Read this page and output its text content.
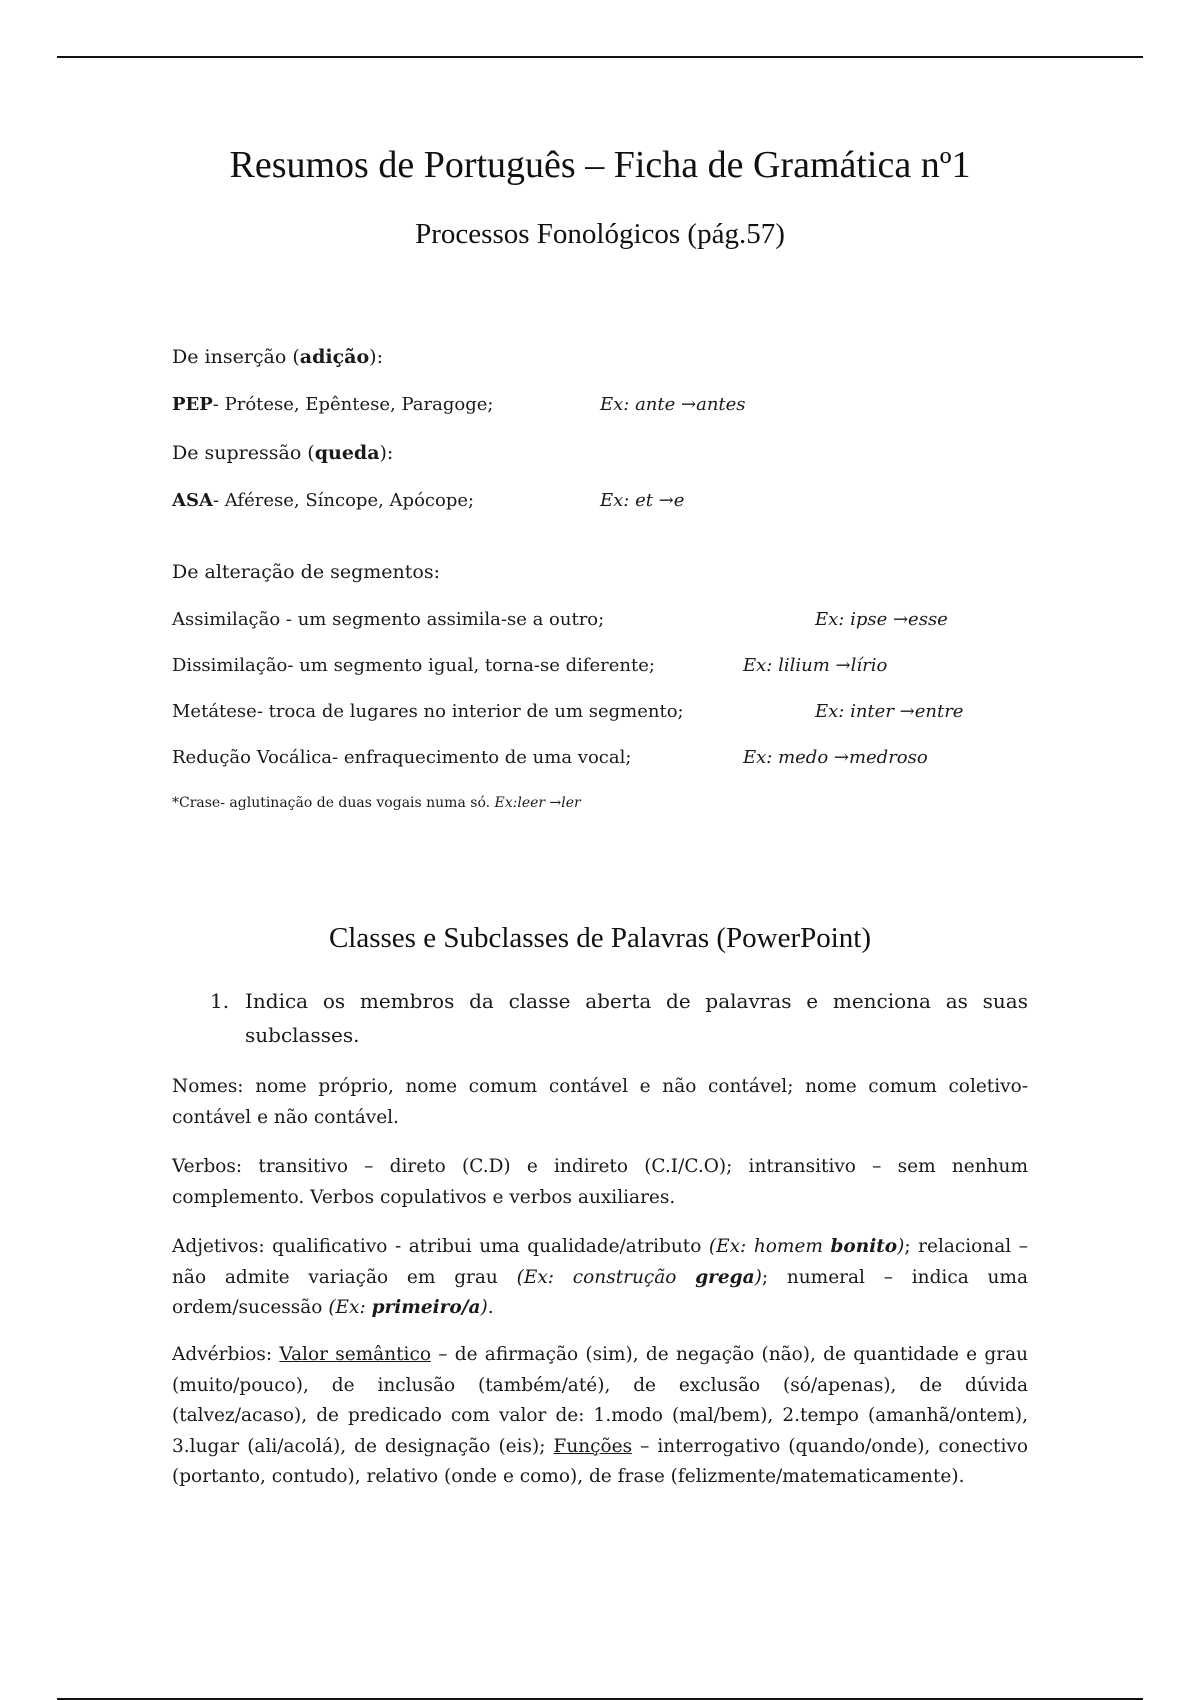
Resumos de Português – Ficha de Gramática nº1
Processos Fonológicos (pág.57)
De inserção (adição):
PEP- Prótese, Epêntese, Paragoge;	Ex: ante →antes
De supressão (queda):
ASA- Aférese, Síncope, Apócope;	Ex: et →e
De alteração de segmentos:
Assimilação - um segmento assimila-se a outro;	Ex: ipse →esse
Dissimilação- um segmento igual, torna-se diferente;	Ex: lilium →lírio
Metátese- troca de lugares no interior de um segmento;	Ex: inter →entre
Redução Vocálica- enfraquecimento de uma vocal;	Ex: medo →medroso
*Crase- aglutinação de duas vogais numa só. Ex:leer →ler
Classes e Subclasses de Palavras (PowerPoint)
1. Indica os membros da classe aberta de palavras e menciona as suas subclasses.
Nomes: nome próprio, nome comum contável e não contável; nome comum coletivo- contável e não contável.
Verbos: transitivo – direto (C.D) e indireto (C.I/C.O); intransitivo – sem nenhum complemento. Verbos copulativos e verbos auxiliares.
Adjetivos: qualificativo - atribui uma qualidade/atributo (Ex: homem bonito); relacional – não admite variação em grau (Ex: construção grega); numeral – indica uma ordem/sucessão (Ex: primeiro/a).
Advérbios: Valor semântico – de afirmação (sim), de negação (não), de quantidade e grau (muito/pouco), de inclusão (também/até), de exclusão (só/apenas), de dúvida (talvez/acaso), de predicado com valor de: 1.modo (mal/bem), 2.tempo (amanhã/ontem), 3.lugar (ali/acolá), de designação (eis); Funções – interrogativo (quando/onde), conectivo (portanto, contudo), relativo (onde e como), de frase (felizmente/matematicamente).
